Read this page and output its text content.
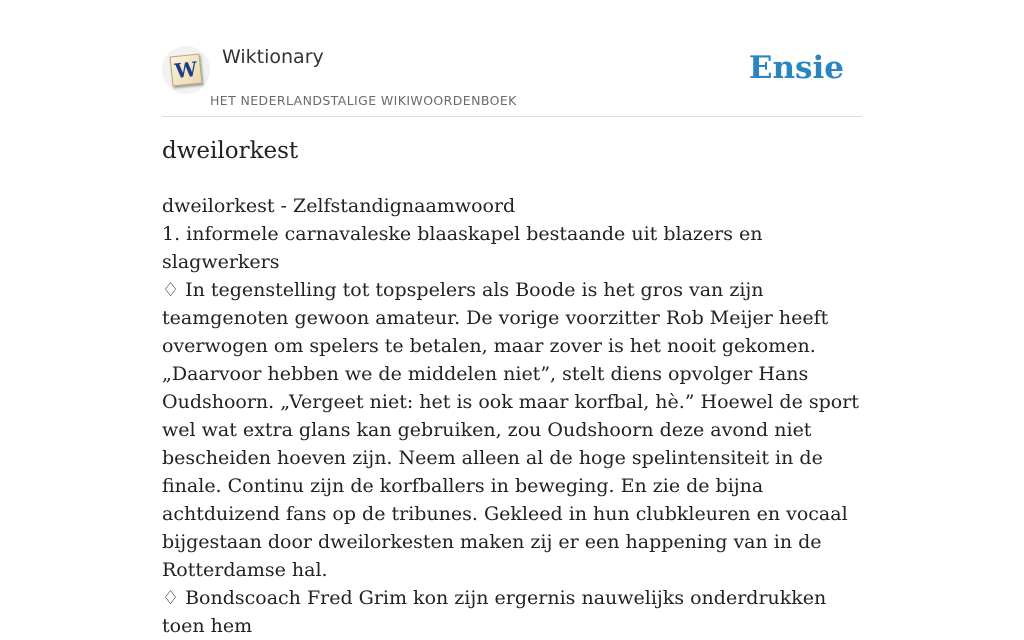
W Wiktionary
HET NEDERLANDSTALIGE WIKIWOORDENBOEK
Ensie
dweilorkest

dweilorkest - Zelfstandignaamwoord

1. informele carnavaleske blaaskapel bestaande uit blazers en slagwerkers

♢ In tegenstelling tot topspelers als Boode is het gros van zijn teamgenoten gewoon amateur. De vorige voorzitter Rob Meijer heeft overwogen om spelers te betalen, maar zover is het nooit gekomen. „Daarvoor hebben we de middelen niet”, stelt diens opvolger Hans Oudshoorn. „Vergeet niet: het is ook maar korfbal, hè.” Hoewel de sport wel wat extra glans kan gebruiken, zou Oudshoorn deze avond niet bescheiden hoeven zijn. Neem alleen al de hoge spelintensiteit in de finale. Continu zijn de korfballers in beweging. En zie de bijna achtduizend fans op de tribunes. Gekleed in hun clubkleuren en vocaal bijgestaan door dweilorkesten maken zij er een happening van in de Rotterdamse hal.

♢ Bondscoach Fred Grim kon zijn ergernis nauwelijks onderdrukken toen hem
